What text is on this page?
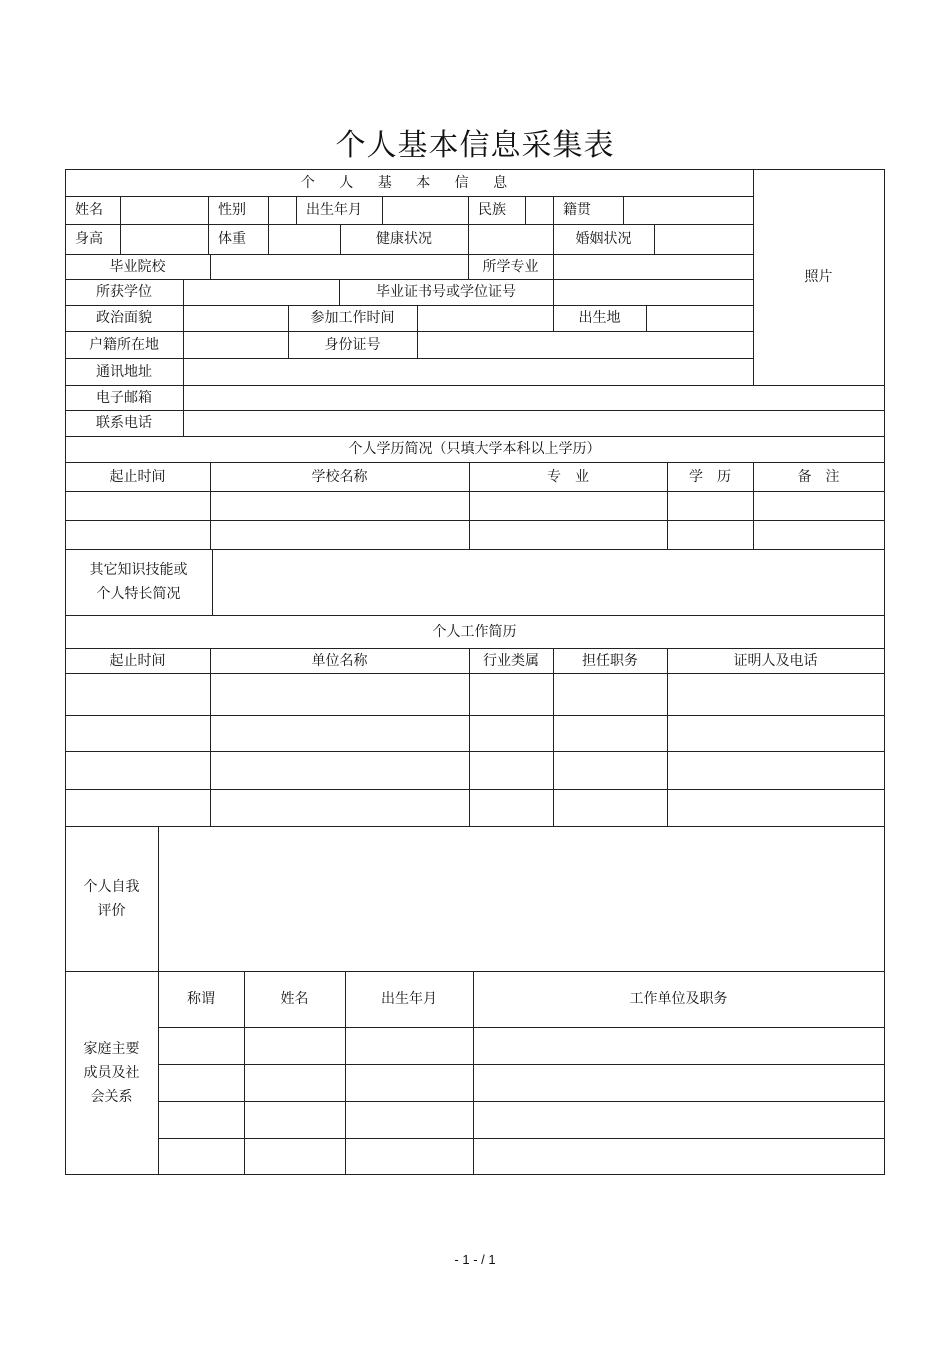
个人基本信息采集表
照片
个 人 基 本 信 息
姓名	性别	出生年月	民族	籍贯
身高	体重	健康状况	婚姻状况
毕业院校	所学专业
所获学位	毕业证书号或学位证号
政治面貌	参加工作时间	出生地
户籍所在地	身份证号
通讯地址
电子邮箱
联系电话
个人学历简况（只填大学本科以上学历）
起止时间	学校名称	专　业	学　历	备　注
其它知识技能或
个人特长简况
个人工作简历
起止时间	单位名称	行业类属	担任职务	证明人及电话
个人自我
评价
家庭主要
成员及社
会关系
称谓	姓名	出生年月	工作单位及职务
- 1 - / 1
